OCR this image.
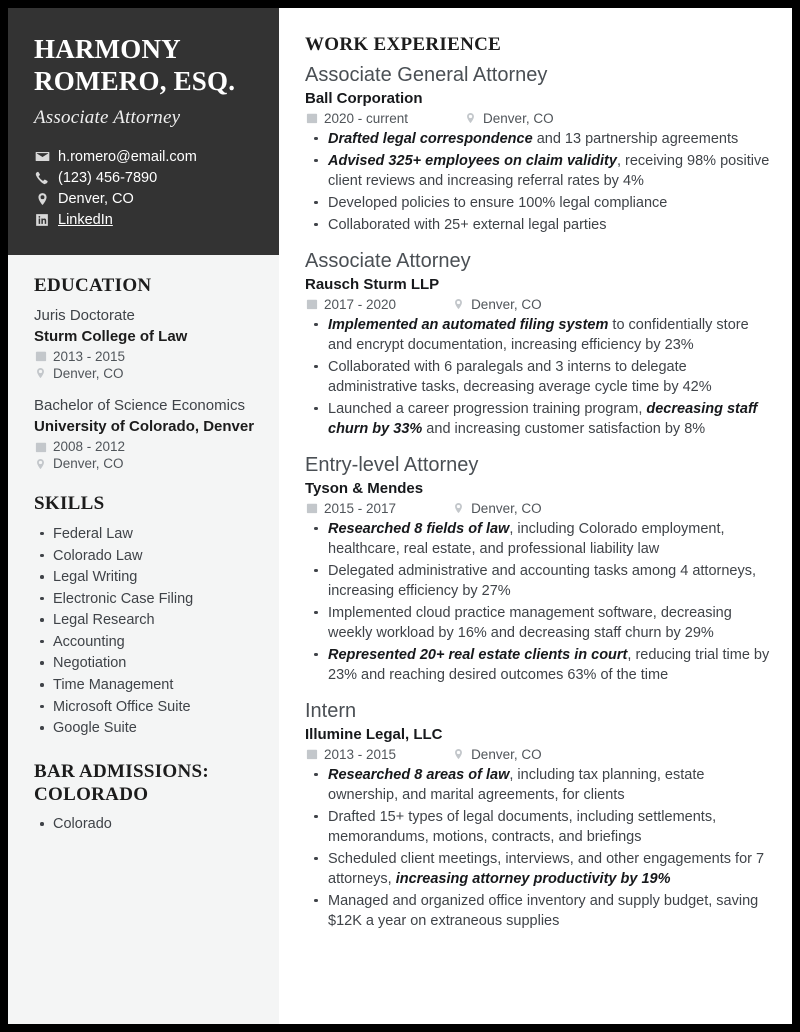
HARMONY ROMERO, ESQ.
Associate Attorney
h.romero@email.com
(123) 456-7890
Denver, CO
LinkedIn
EDUCATION
Juris Doctorate
Sturm College of Law
2013 - 2015
Denver, CO
Bachelor of Science Economics
University of Colorado, Denver
2008 - 2012
Denver, CO
SKILLS
Federal Law
Colorado Law
Legal Writing
Electronic Case Filing
Legal Research
Accounting
Negotiation
Time Management
Microsoft Office Suite
Google Suite
BAR ADMISSIONS: COLORADO
Colorado
WORK EXPERIENCE
Associate General Attorney
Ball Corporation
2020 - current	Denver, CO
Drafted legal correspondence and 13 partnership agreements
Advised 325+ employees on claim validity, receiving 98% positive client reviews and increasing referral rates by 4%
Developed policies to ensure 100% legal compliance
Collaborated with 25+ external legal parties
Associate Attorney
Rausch Sturm LLP
2017 - 2020	Denver, CO
Implemented an automated filing system to confidentially store and encrypt documentation, increasing efficiency by 23%
Collaborated with 6 paralegals and 3 interns to delegate administrative tasks, decreasing average cycle time by 42%
Launched a career progression training program, decreasing staff churn by 33% and increasing customer satisfaction by 8%
Entry-level Attorney
Tyson & Mendes
2015 - 2017	Denver, CO
Researched 8 fields of law, including Colorado employment, healthcare, real estate, and professional liability law
Delegated administrative and accounting tasks among 4 attorneys, increasing efficiency by 27%
Implemented cloud practice management software, decreasing weekly workload by 16% and decreasing staff churn by 29%
Represented 20+ real estate clients in court, reducing trial time by 23% and reaching desired outcomes 63% of the time
Intern
Illumine Legal, LLC
2013 - 2015	Denver, CO
Researched 8 areas of law, including tax planning, estate ownership, and marital agreements, for clients
Drafted 15+ types of legal documents, including settlements, memorandums, motions, contracts, and briefings
Scheduled client meetings, interviews, and other engagements for 7 attorneys, increasing attorney productivity by 19%
Managed and organized office inventory and supply budget, saving $12K a year on extraneous supplies
